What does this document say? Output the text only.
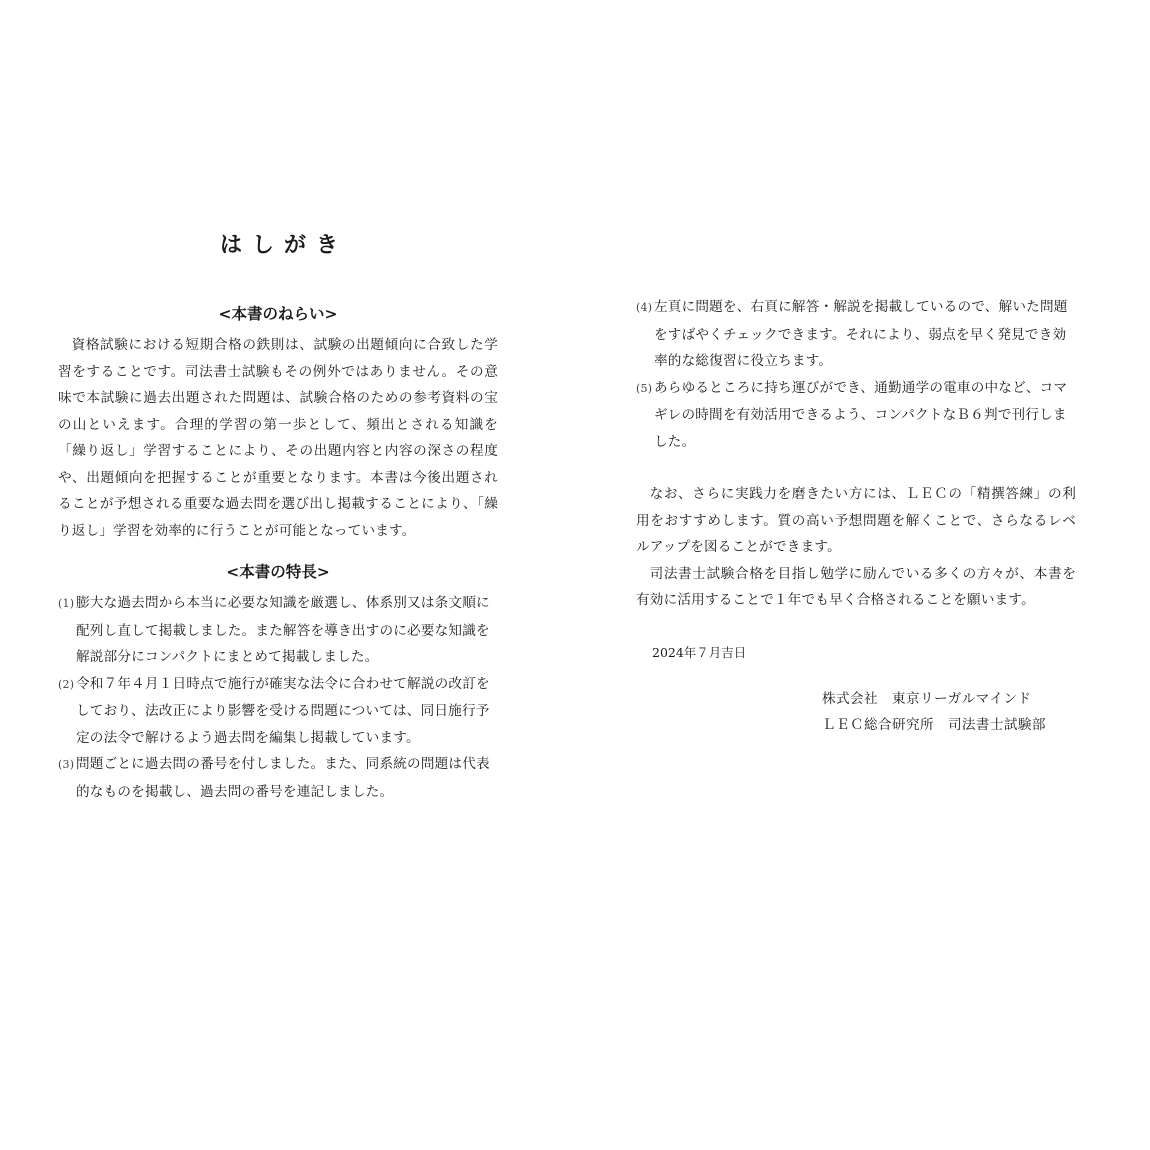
はしがき
<本書のねらい>

資格試験における短期合格の鉄則は、試験の出題傾向に合致した学習をすることです。司法書士試験もその例外ではありません。その意味で本試験に過去出題された問題は、試験合格のための参考資料の宝の山といえます。合理的学習の第一歩として、頻出とされる知識を「繰り返し」学習することにより、その出題内容と内容の深さの程度や、出題傾向を把握することが重要となります。本書は今後出題されることが予想される重要な過去問を選び出し掲載することにより、「繰り返し」学習を効率的に行うことが可能となっています。

<本書の特長>
(1) 膨大な過去問から本当に必要な知識を厳選し、体系別又は条文順に配列し直して掲載しました。また解答を導き出すのに必要な知識を解説部分にコンパクトにまとめて掲載しました。
(2) 令和７年４月１日時点で施行が確実な法令に合わせて解説の改訂をしており、法改正により影響を受ける問題については、同日施行予定の法令で解けるよう過去問を編集し掲載しています。
(3) 問題ごとに過去問の番号を付しました。また、同系統の問題は代表的なものを掲載し、過去問の番号を連記しました。
(4) 左頁に問題を、右頁に解答・解説を掲載しているので、解いた問題をすばやくチェックできます。それにより、弱点を早く発見でき効率的な総復習に役立ちます。
(5) あらゆるところに持ち運びができ、通勤通学の電車の中など、コマギレの時間を有効活用できるよう、コンパクトなＢ６判で刊行しました。

なお、さらに実践力を磨きたい方には、ＬＥＣの「精撰答練」の利用をおすすめします。質の高い予想問題を解くことで、さらなるレベルアップを図ることができます。

司法書士試験合格を目指し勉学に励んでいる多くの方々が、本書を有効に活用することで１年でも早く合格されることを願います。

2024年７月吉日
株式会社　東京リーガルマインド
ＬＥＣ総合研究所　司法書士試験部
